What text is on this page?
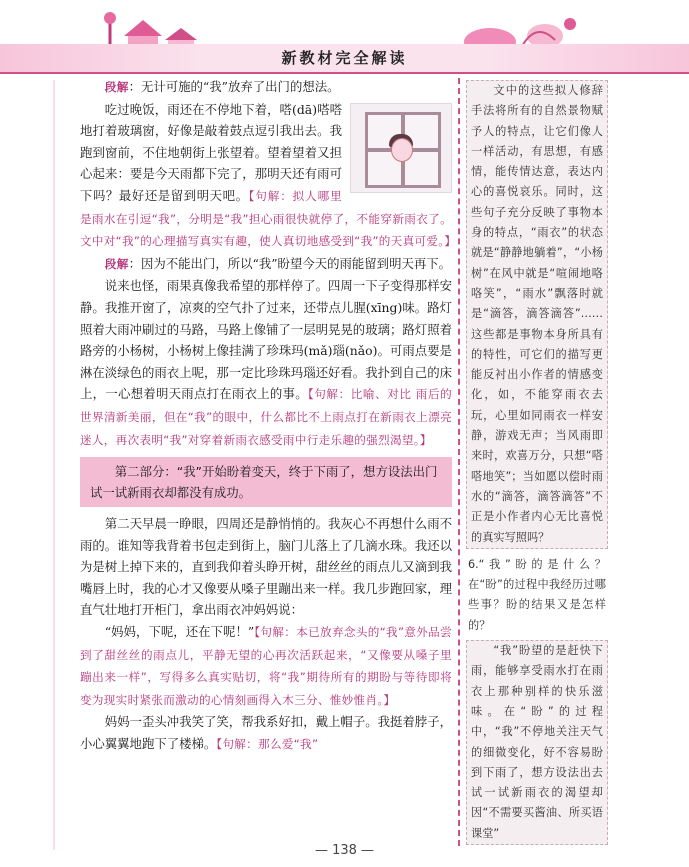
新教材完全解读

段解：无计可施的“我”放弃了出门的想法。

吃过晚饭，雨还在不停地下着，嗒(dā)嗒嗒地打着玻璃窗，好像是敲着鼓点逗引我出去。我跑到窗前，不住地朝街上张望着。望着望着又担心起来：要是今天雨都下完了，那明天还有雨可下吗？最好还是留到明天吧。【句解：拟人哪里是雨水在引逗“我”，分明是“我”担心雨很快就停了，不能穿新雨衣了。文中对“我”的心理描写真实有趣，使人真切地感受到“我”的天真可爱。】

段解：因为不能出门，所以“我”盼望今天的雨能留到明天再下。

说来也怪，雨果真像我希望的那样停了。四周一下子变得那样安静。我推开窗了，凉爽的空气扑了过来，还带点儿腥(xīng)味。路灯照着大雨冲刷过的马路，马路上像铺了一层明晃晃的玻璃；路灯照着路旁的小杨树，小杨树上像挂满了珍珠玛(mǎ)瑙(nǎo)。可雨点要是淋在淡绿色的雨衣上呢，那一定比珍珠玛瑙还好看。我扑到自己的床上，一心想着明天雨点打在雨衣上的事。【句解：比喻、对比 雨后的世界清新美丽，但在“我”的眼中，什么都比不上雨点打在新雨衣上漂亮迷人，再次表明“我”对穿着新雨衣感受雨中行走乐趣的强烈渴望。】

第二部分：“我”开始盼着变天，终于下雨了，想方设法出门试一试新雨衣却都没有成功。

第二天早晨一睁眼，四周还是静悄悄的。我灰心不再想什么雨不雨的。谁知等我背着书包走到街上，脑门儿落上了几滴水珠。我还以为是树上掉下来的，直到我仰着头睁开树，甜丝丝的雨点儿又滴到我嘴唇上时，我的心才又像要从嗓子里蹦出来一样。我几步跑回家，理直气壮地打开柜门，拿出雨衣冲妈妈说：

“妈妈，下呢，还在下呢！”【句解：本已放弃念头的“我”意外品尝到了甜丝丝的雨点儿，平静无望的心再次活跃起来，“又像要从嗓子里蹦出来一样”，写得多么真实贴切，将“我”期待所有的期盼与等待即将变为现实时紧张而激动的心情刻画得入木三分、惟妙惟肖。】

妈妈一歪头冲我笑了笑，帮我系好扣，戴上帽子。我挺着脖子，小心翼翼地跑下了楼梯。【句解：那么爱“我”

文中的这些拟人修辞手法将所有的自然景物赋予人的特点，让它们像人一样活动，有思想，有感情，能传情达意，表达内心的喜悦哀乐。同时，这些句子充分反映了事物本身的特点，“雨衣”的状态就是“静静地躺着”，“小杨树”在风中就是“喧闹地咯咯笑”，“雨水”飘落时就是“滴答，滴答滴答”……这些都是事物本身所具有的特性，可它们的描写更能反衬出小作者的情感变化，如，不能穿雨衣去玩，心里如同雨衣一样安静，游戏无声；当风雨即来时，欢喜万分，只想“嗒嗒地笑”；当如愿以偿时雨水的“滴答，滴答滴答”不正是小作者内心无比喜悦的真实写照吗？

6.“我”盼的是什么？在“盼”的过程中我经历过哪些事？盼的结果又是怎样的？

“我”盼望的是赶快下雨，能够享受雨水打在雨衣上那种别样的快乐滋味。在“盼”的过程中，“我”不停地关注天气的细微变化，好不容易盼到下雨了，想方设法出去试一试新雨衣的渴望却因“不需要买酱油、所买语课堂”

— 138 —
